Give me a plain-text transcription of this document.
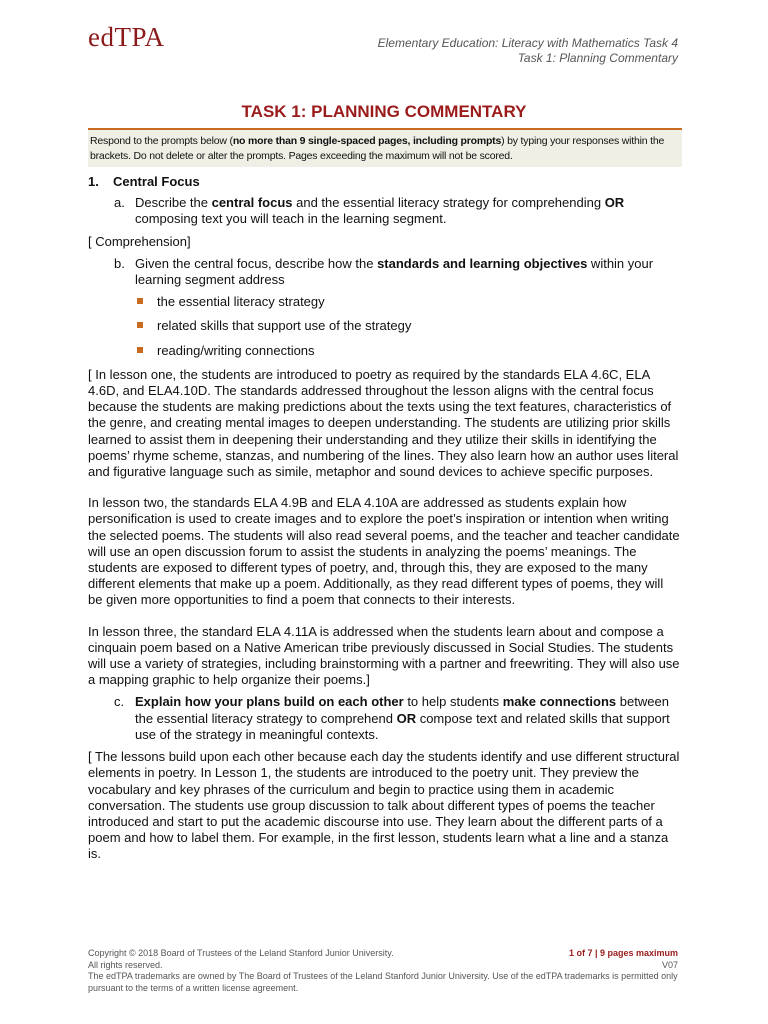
edTPA	Elementary Education: Literacy with Mathematics Task 4
Task 1: Planning Commentary
TASK 1: PLANNING COMMENTARY
Respond to the prompts below (no more than 9 single-spaced pages, including prompts) by typing your responses within the brackets. Do not delete or alter the prompts. Pages exceeding the maximum will not be scored.
1. Central Focus
a. Describe the central focus and the essential literacy strategy for comprehending OR composing text you will teach in the learning segment.
[ Comprehension]
b. Given the central focus, describe how the standards and learning objectives within your learning segment address
the essential literacy strategy
related skills that support use of the strategy
reading/writing connections
[ In lesson one, the students are introduced to poetry as required by the standards ELA 4.6C, ELA 4.6D, and ELA4.10D. The standards addressed throughout the lesson aligns with the central focus because the students are making predictions about the texts using the text features, characteristics of the genre, and creating mental images to deepen understanding. The students are utilizing prior skills learned to assist them in deepening their understanding and they utilize their skills in identifying the poems’ rhyme scheme, stanzas, and numbering of the lines. They also learn how an author uses literal and figurative language such as simile, metaphor and sound devices to achieve specific purposes.
In lesson two, the standards ELA 4.9B and ELA 4.10A are addressed as students explain how personification is used to create images and to explore the poet’s inspiration or intention when writing the selected poems. The students will also read several poems, and the teacher and teacher candidate will use an open discussion forum to assist the students in analyzing the poems’ meanings. The students are exposed to different types of poetry, and, through this, they are exposed to the many different elements that make up a poem. Additionally, as they read different types of poems, they will be given more opportunities to find a poem that connects to their interests.
In lesson three, the standard ELA 4.11A is addressed when the students learn about and compose a cinquain poem based on a Native American tribe previously discussed in Social Studies. The students will use a variety of strategies, including brainstorming with a partner and freewriting. They will also use a mapping graphic to help organize their poems.]
c. Explain how your plans build on each other to help students make connections between the essential literacy strategy to comprehend OR compose text and related skills that support use of the strategy in meaningful contexts.
[ The lessons build upon each other because each day the students identify and use different structural elements in poetry. In Lesson 1, the students are introduced to the poetry unit. They preview the vocabulary and key phrases of the curriculum and begin to practice using them in academic conversation. The students use group discussion to talk about different types of poems the teacher introduced and start to put the academic discourse into use. They learn about the different parts of a poem and how to label them. For example, in the first lesson, students learn what a line and a stanza is.
Copyright © 2018 Board of Trustees of the Leland Stanford Junior University.	1 of 7 | 9 pages maximum
All rights reserved.	V07
The edTPA trademarks are owned by The Board of Trustees of the Leland Stanford Junior University. Use of the edTPA trademarks is permitted only pursuant to the terms of a written license agreement.
